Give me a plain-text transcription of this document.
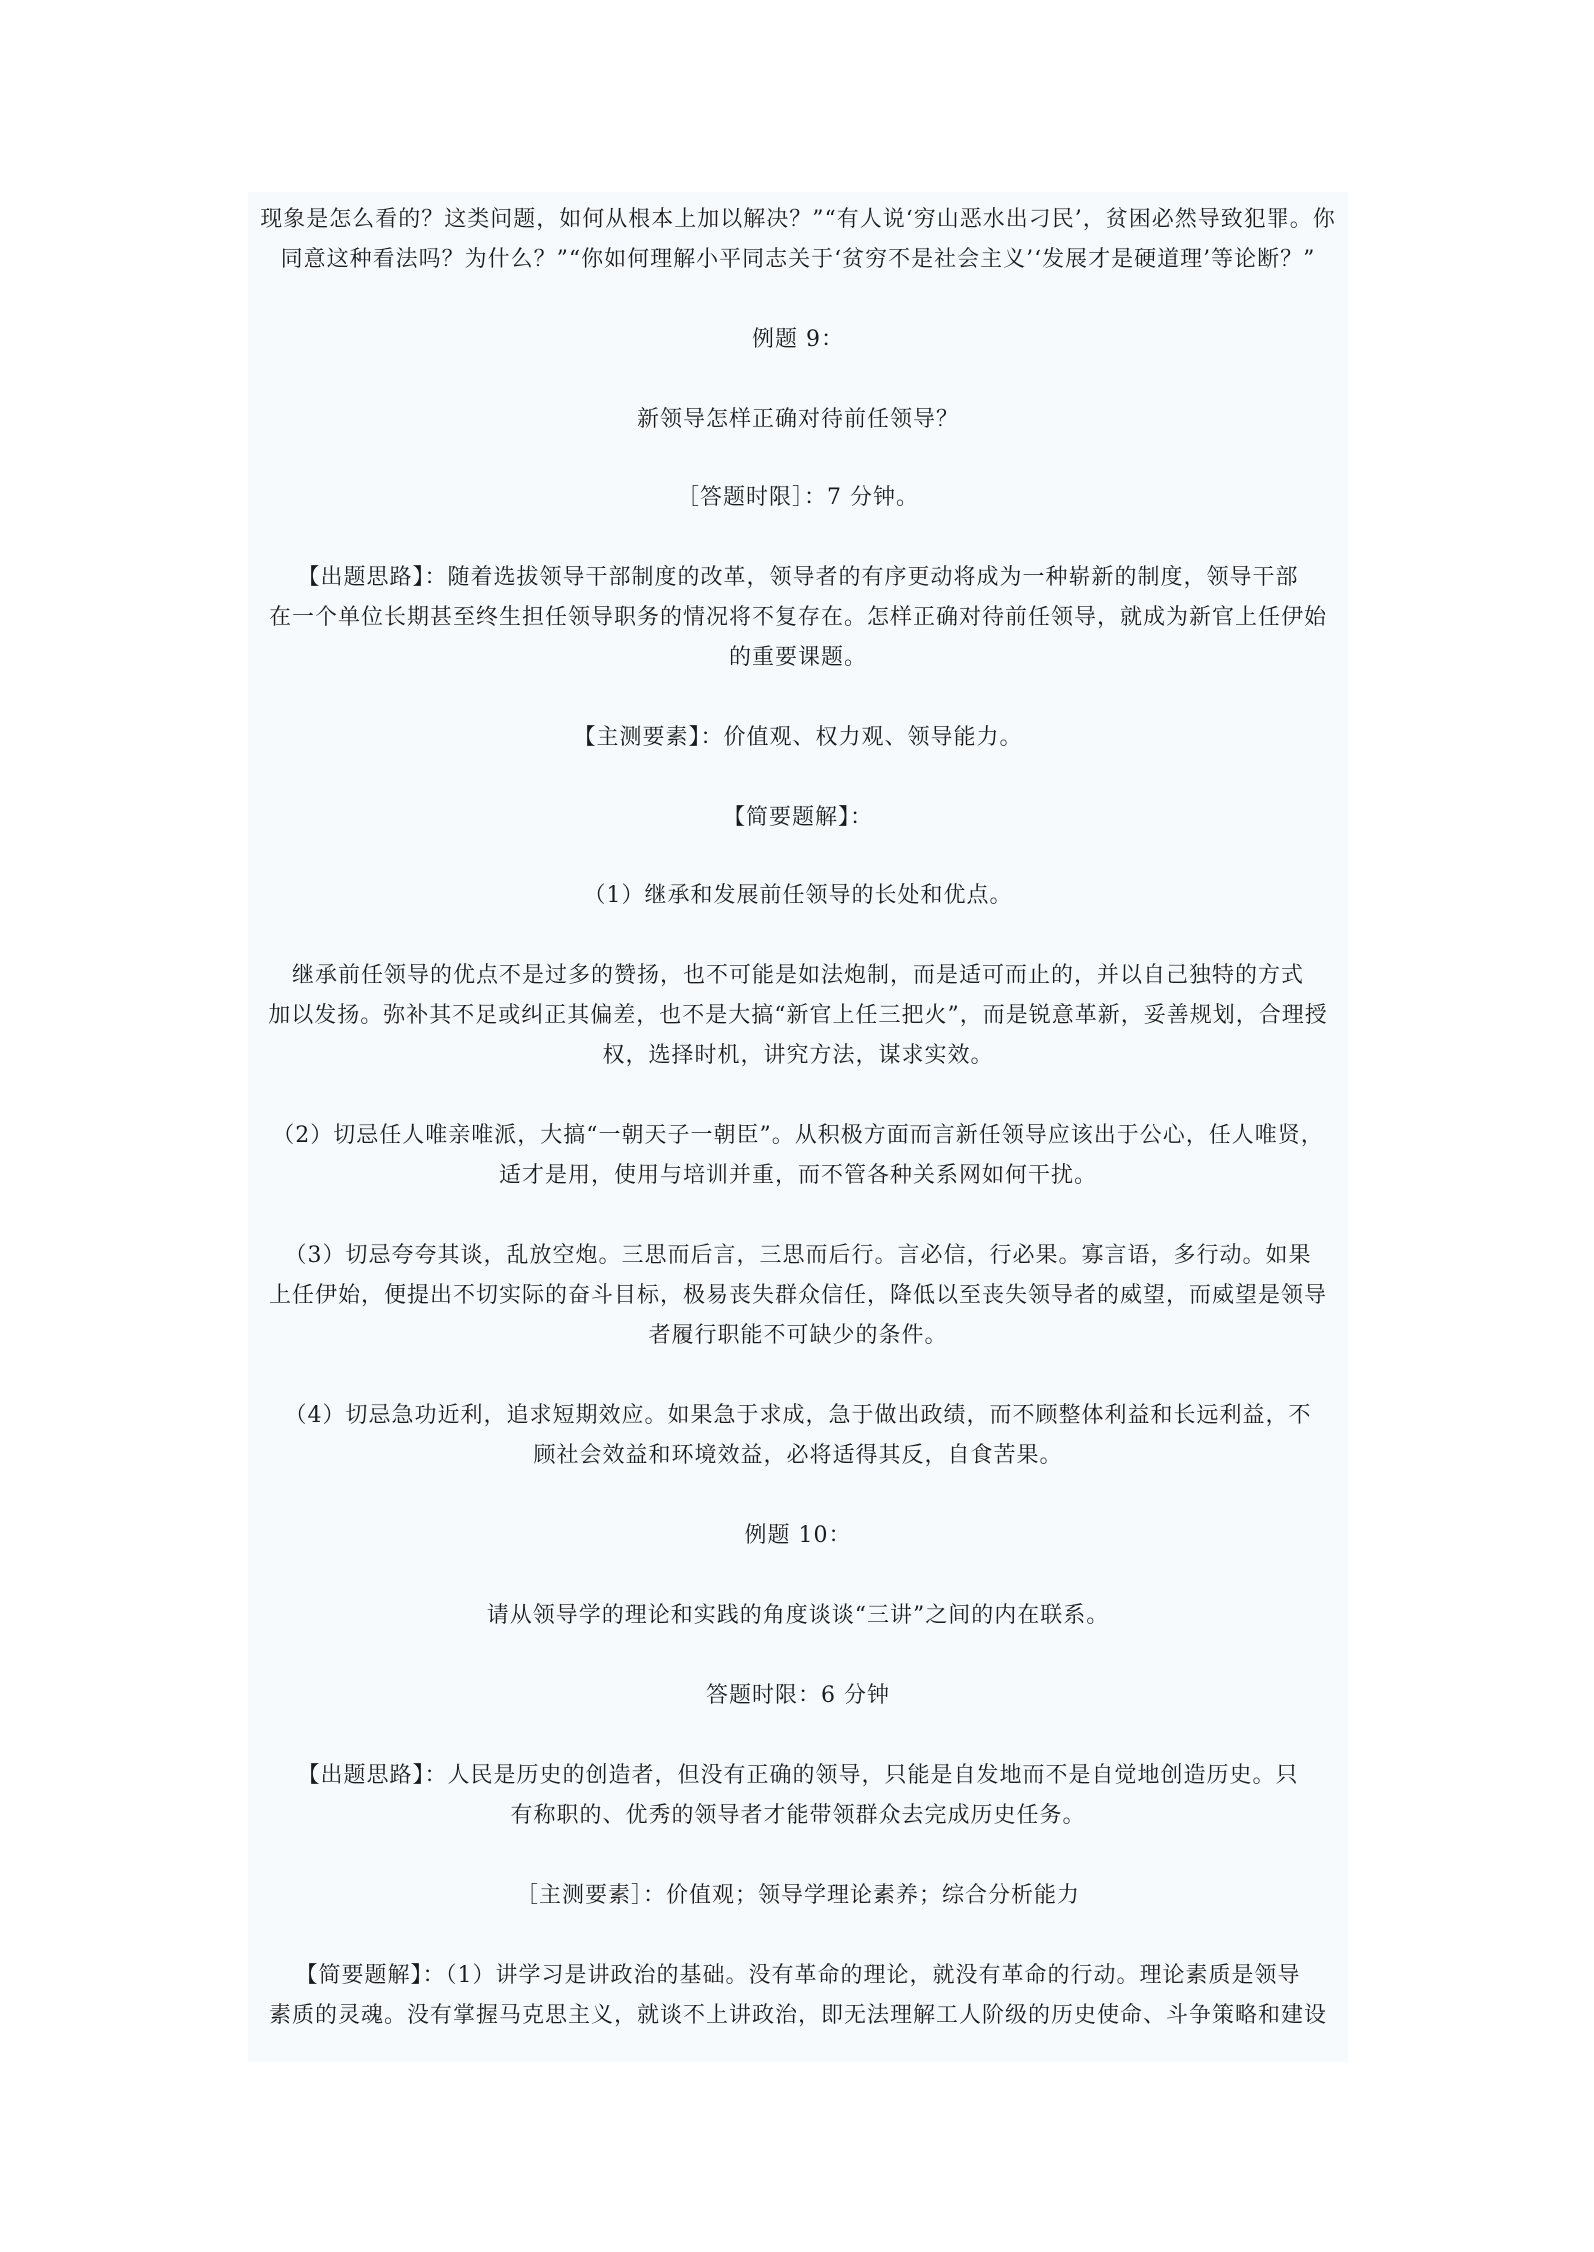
现象是怎么看的？这类问题，如何从根本上加以解决？”“有人说‘穷山恶水出刁民’，贫困必然导致犯罪。你
同意这种看法吗？为什么？”“你如何理解小平同志关于‘贫穷不是社会主义’‘发展才是硬道理’等论断？”

例题 9：

新领导怎样正确对待前任领导？

［答题时限］：7 分钟。

【出题思路】：随着选拔领导干部制度的改革，领导者的有序更动将成为一种崭新的制度，领导干部
在一个单位长期甚至终生担任领导职务的情况将不复存在。怎样正确对待前任领导，就成为新官上任伊始
的重要课题。

【主测要素】：价值观、权力观、领导能力。

【简要题解】：

（1）继承和发展前任领导的长处和优点。

继承前任领导的优点不是过多的赞扬，也不可能是如法炮制，而是适可而止的，并以自己独特的方式
加以发扬。弥补其不足或纠正其偏差，也不是大搞“新官上任三把火”，而是锐意革新，妥善规划，合理授
权，选择时机，讲究方法，谋求实效。

（2）切忌任人唯亲唯派，大搞“一朝天子一朝臣”。从积极方面而言新任领导应该出于公心，任人唯贤，
适才是用，使用与培训并重，而不管各种关系网如何干扰。

（3）切忌夸夸其谈，乱放空炮。三思而后言，三思而后行。言必信，行必果。寡言语，多行动。如果
上任伊始，便提出不切实际的奋斗目标，极易丧失群众信任，降低以至丧失领导者的威望，而威望是领导
者履行职能不可缺少的条件。

（4）切忌急功近利，追求短期效应。如果急于求成，急于做出政绩，而不顾整体利益和长远利益，不
顾社会效益和环境效益，必将适得其反，自食苦果。

例题 10：

请从领导学的理论和实践的角度谈谈“三讲”之间的内在联系。

答题时限：6 分钟

【出题思路】：人民是历史的创造者，但没有正确的领导，只能是自发地而不是自觉地创造历史。只
有称职的、优秀的领导者才能带领群众去完成历史任务。

［主测要素］：价值观；领导学理论素养；综合分析能力

【简要题解】：（1）讲学习是讲政治的基础。没有革命的理论，就没有革命的行动。理论素质是领导
素质的灵魂。没有掌握马克思主义，就谈不上讲政治，即无法理解工人阶级的历史使命、斗争策略和建设
